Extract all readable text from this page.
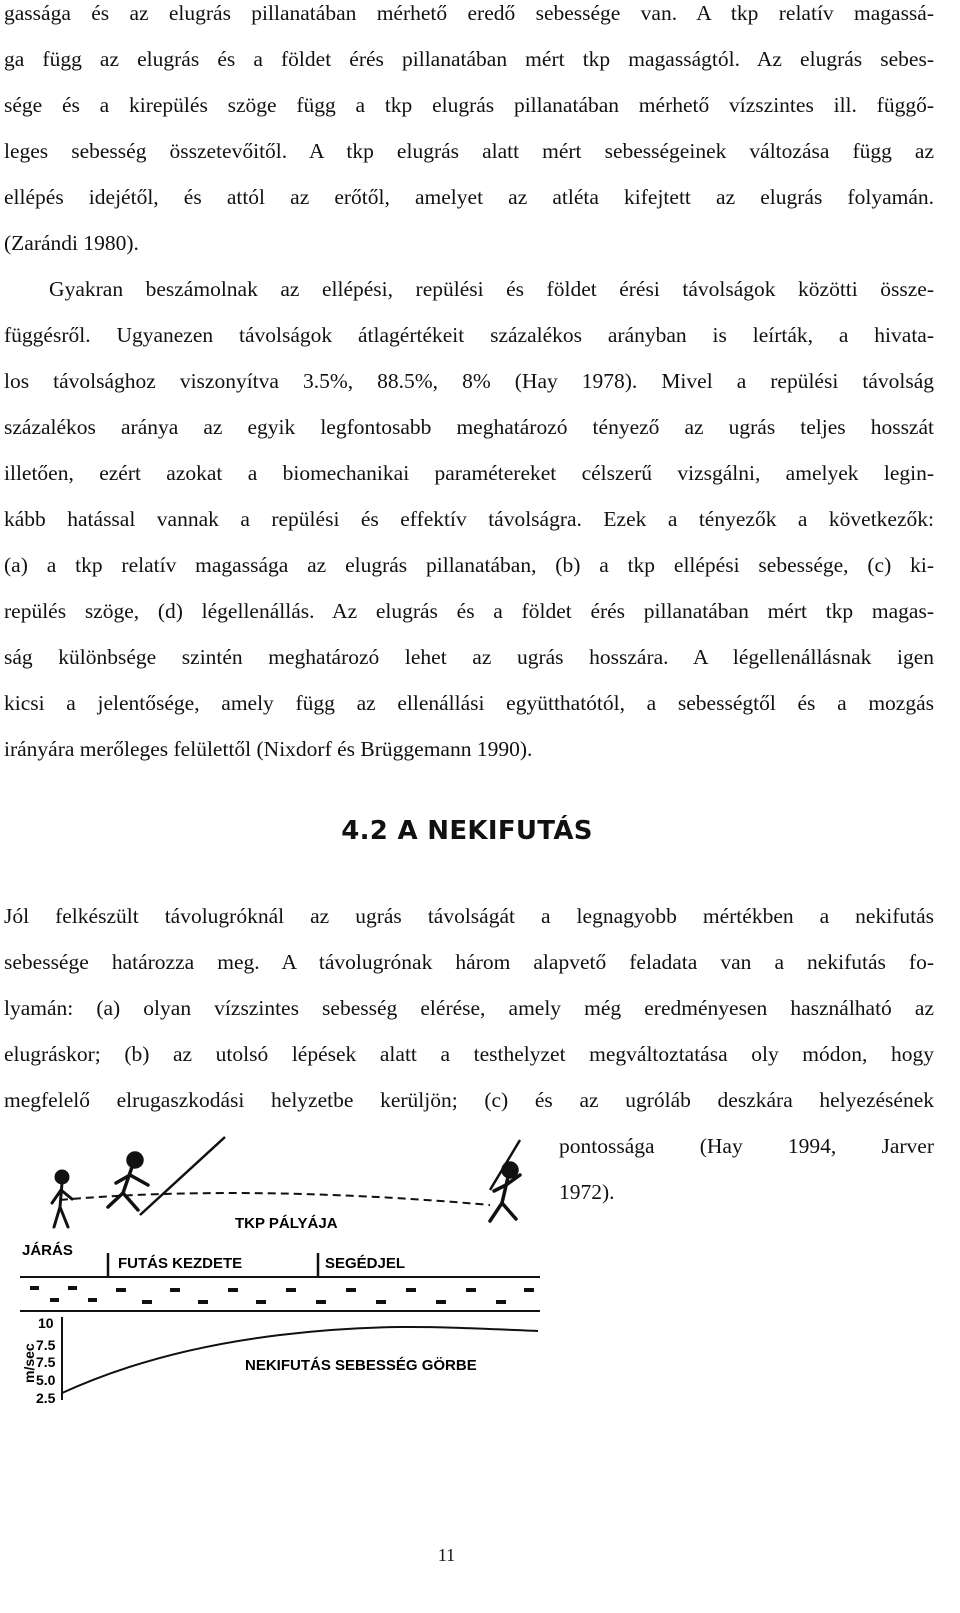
gassága és az elugrás pillanatában mérhető eredő sebessége van. A tkp relatív magassá-
ga függ az elugrás és a földet érés pillanatában mért tkp magasságtól. Az elugrás sebes-
sége és a kirepülés szöge függ a tkp elugrás pillanatában mérhető vízszintes ill. függő-
leges sebesség összetevőitől. A tkp elugrás alatt mért sebességeinek változása függ az
ellépés idejétől, és attól az erőtől, amelyet az atléta kifejtett az elugrás folyamán.
(Zarándi 1980).
Gyakran beszámolnak az ellépési, repülési és földet érési távolságok közötti össze-
függésről. Ugyanezen távolságok átlagértékeit százalékos arányban is leírták, a hivata-
los távolsághoz viszonyítva 3.5%, 88.5%, 8% (Hay 1978). Mivel a repülési távolság
százalékos aránya az egyik legfontosabb meghatározó tényező az ugrás teljes hosszát
illetően, ezért azokat a biomechanikai paramétereket célszerű vizsgálni, amelyek legin-
kább hatással vannak a repülési és effektív távolságra. Ezek a tényezők a következők:
(a) a tkp relatív magassága az elugrás pillanatában, (b) a tkp ellépési sebessége, (c) ki-
repülés szöge, (d) légellenállás. Az elugrás és a földet érés pillanatában mért tkp magas-
ság különbsége szintén meghatározó lehet az ugrás hosszára. A légellenállásnak igen
kicsi a jelentősége, amely függ az ellenállási együtthatótól, a sebességtől és a mozgás
irányára merőleges felülettől (Nixdorf és Brüggemann 1990).
4.2 A NEKIFUTÁS
Jól felkészült távolugróknál az ugrás távolságát a legnagyobb mértékben a nekifutás
sebessége határozza meg. A távolugrónak három alapvető feladata van a nekifutás fo-
lyamán: (a) olyan vízszintes sebesség elérése, amely még eredményesen használható az
elugráskor; (b) az utolsó lépések alatt a testhelyzet megváltoztatása oly módon, hogy
megfelelő elrugaszkodási helyzetbe kerüljön; (c) és az ugróláb deszkára helyezésének
pontossága (Hay 1994, Jarver
1972).
TKP PÁLYÁJA
JÁRÁS
FUTÁS KEZDETE	SEGÉDJEL
m/sec
10
7.5
7.5
5.0
2.5
NEKIFUTÁS SEBESSÉG GÖRBE
11
